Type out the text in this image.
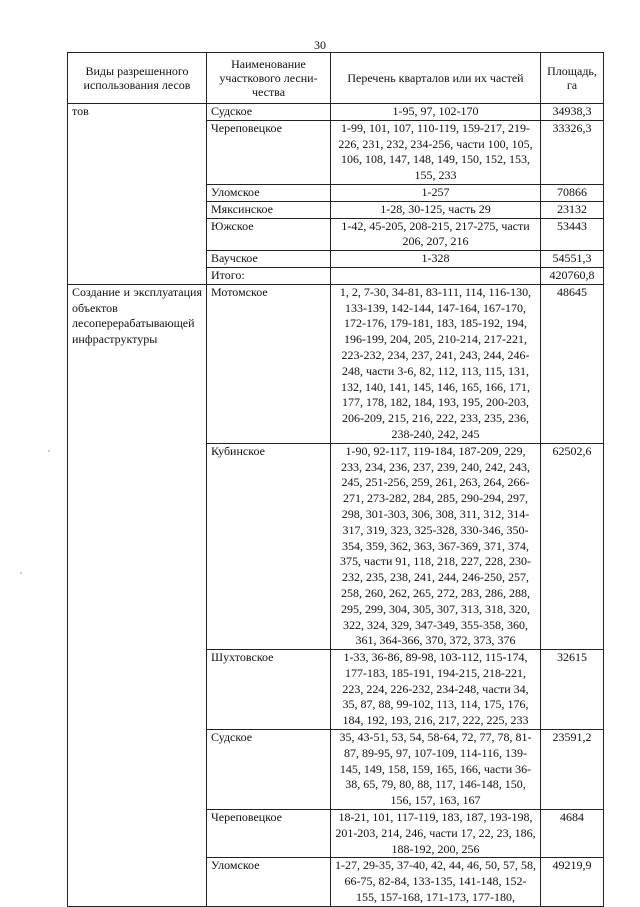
30
Виды разрешенного использования лесов	Наименование участкового лесни-чества	Перечень кварталов или их частей	Площадь, га
тов	Судское	1-95, 97, 102-170	34938,3
	Череповецкое	1-99, 101, 107, 110-119, 159-217, 219-226, 231, 232, 234-256, части 100, 105, 106, 108, 147, 148, 149, 150, 152, 153, 155, 233	33326,3
	Уломское	1-257	70866
	Мяксинское	1-28, 30-125, часть 29	23132
	Южское	1-42, 45-205, 208-215, 217-275, части 206, 207, 216	53443
	Ваучское	1-328	54551,3
	Итого:		420760,8
Создание и эксплуатация объектов лесоперерабатывающей инфраструктуры	Мотомское	1, 2, 7-30, 34-81, 83-111, 114, 116-130, 133-139, 142-144, 147-164, 167-170, 172-176, 179-181, 183, 185-192, 194, 196-199, 204, 205, 210-214, 217-221, 223-232, 234, 237, 241, 243, 244, 246-248, части 3-6, 82, 112, 113, 115, 131, 132, 140, 141, 145, 146, 165, 166, 171, 177, 178, 182, 184, 193, 195, 200-203, 206-209, 215, 216, 222, 233, 235, 236, 238-240, 242, 245	48645
	Кубинское	1-90, 92-117, 119-184, 187-209, 229, 233, 234, 236, 237, 239, 240, 242, 243, 245, 251-256, 259, 261, 263, 264, 266-271, 273-282, 284, 285, 290-294, 297, 298, 301-303, 306, 308, 311, 312, 314-317, 319, 323, 325-328, 330-346, 350-354, 359, 362, 363, 367-369, 371, 374, 375, части 91, 118, 218, 227, 228, 230-232, 235, 238, 241, 244, 246-250, 257, 258, 260, 262, 265, 272, 283, 286, 288, 295, 299, 304, 305, 307, 313, 318, 320, 322, 324, 329, 347-349, 355-358, 360, 361, 364-366, 370, 372, 373, 376	62502,6
	Шухтовское	1-33, 36-86, 89-98, 103-112, 115-174, 177-183, 185-191, 194-215, 218-221, 223, 224, 226-232, 234-248, части 34, 35, 87, 88, 99-102, 113, 114, 175, 176, 184, 192, 193, 216, 217, 222, 225, 233	32615
	Судское	35, 43-51, 53, 54, 58-64, 72, 77, 78, 81-87, 89-95, 97, 107-109, 114-116, 139-145, 149, 158, 159, 165, 166, части 36-38, 65, 79, 80, 88, 117, 146-148, 150, 156, 157, 163, 167	23591,2
	Череповецкое	18-21, 101, 117-119, 183, 187, 193-198, 201-203, 214, 246, части 17, 22, 23, 186, 188-192, 200, 256	4684
	Уломское	1-27, 29-35, 37-40, 42, 44, 46, 50, 57, 58, 66-75, 82-84, 133-135, 141-148, 152-155, 157-168, 171-173, 177-180,	49219,9
